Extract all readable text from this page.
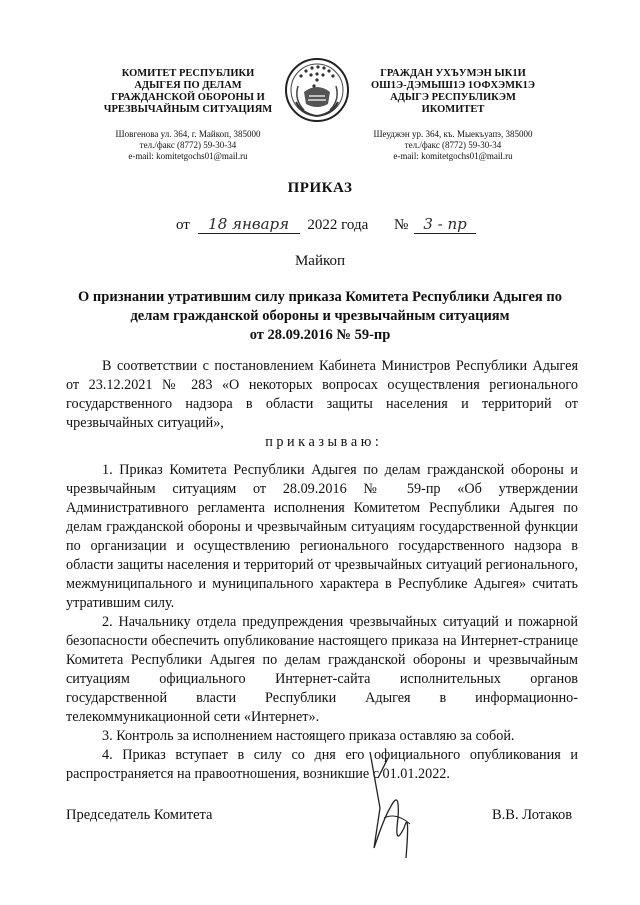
КОМИТЕТ РЕСПУБЛИКИ
АДЫГЕЯ ПО ДЕЛАМ
ГРАЖДАНСКОЙ ОБОРОНЫ И
ЧРЕЗВЫЧАЙНЫМ СИТУАЦИЯМ
Шовгенова ул. 364, г. Майкоп, 385000
тел./факс (8772) 59-30-34
e-mail: komitetgochs01@mail.ru
ГРАЖДАН УХЪУМЭН ЫК1И
ОШ1Э-ДЭМЫШ1Э 1ОФХЭМК1Э
АДЫГЭ РЕСПУБЛИКЭМ
ИКОМИТЕТ
Шеуджэн ур. 364, къ. Мыекъуапэ, 385000
тел./факс (8772) 59-30-34
e-mail: komitetgochs01@mail.ru
ПРИКАЗ
от 18 января 2022 года № 3 - пр
Майкоп
О признании утратившим силу приказа Комитета Республики Адыгея по
делам гражданской обороны и чрезвычайным ситуациям
от 28.09.2016 № 59-пр

В соответствии с постановлением Кабинета Министров Республики Адыгея от 23.12.2021 № 283 «О некоторых вопросах осуществления регионального государственного надзора в области защиты населения и территорий от чрезвычайных ситуаций»,

п р и к а з ы в а ю :

1. Приказ Комитета Республики Адыгея по делам гражданской обороны и чрезвычайным ситуациям от 28.09.2016 № 59-пр «Об утверждении Административного регламента исполнения Комитетом Республики Адыгея по делам гражданской обороны и чрезвычайным ситуациям государственной функции по организации и осуществлению регионального государственного надзора в области защиты населения и территорий от чрезвычайных ситуаций регионального, межмуниципального и муниципального характера в Республике Адыгея» считать утратившим силу.

2. Начальнику отдела предупреждения чрезвычайных ситуаций и пожарной безопасности обеспечить опубликование настоящего приказа на Интернет-странице Комитета Республики Адыгея по делам гражданской обороны и чрезвычайным ситуациям официального Интернет-сайта исполнительных органов государственной власти Республики Адыгея в информационно-телекоммуникационной сети «Интернет».

3. Контроль за исполнением настоящего приказа оставляю за собой.

4. Приказ вступает в силу со дня его официального опубликования и распространяется на правоотношения, возникшие с 01.01.2022.

Председатель Комитета	В.В. Лотаков
